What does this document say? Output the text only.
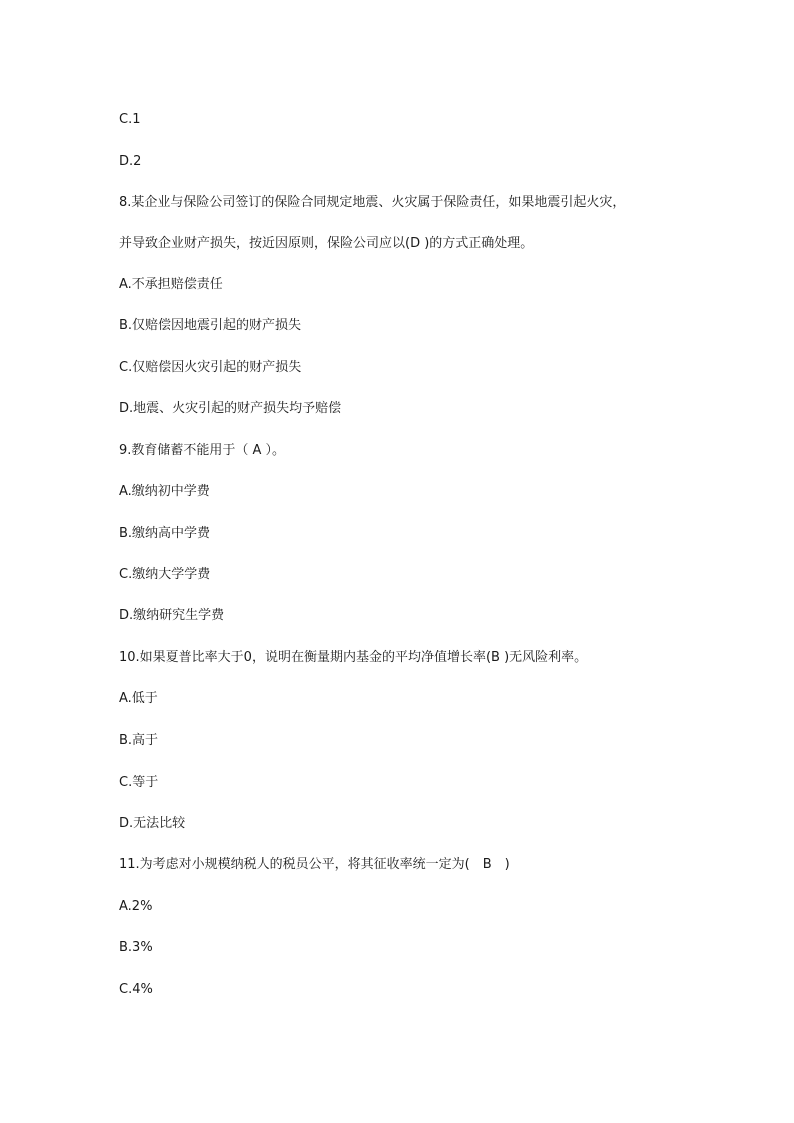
C.1

D.2

8.某企业与保险公司签订的保险合同规定地震、火灾属于保险责任，如果地震引起火灾，

并导致企业财产损失，按近因原则，保险公司应以(D )的方式正确处理。

A.不承担赔偿责任

B.仅赔偿因地震引起的财产损失

C.仅赔偿因火灾引起的财产损失

D.地震、火灾引起的财产损失均予赔偿

9.教育储蓄不能用于（ A ）。

A.缴纳初中学费

B.缴纳高中学费

C.缴纳大学学费

D.缴纳研究生学费

10.如果夏普比率大于0，说明在衡量期内基金的平均净值增长率(B )无风险利率。

A.低于

B.高于

C.等于

D.无法比较

11.为考虑对小规模纳税人的税员公平，将其征收率统一定为(　B　)

A.2%

B.3%

C.4%
